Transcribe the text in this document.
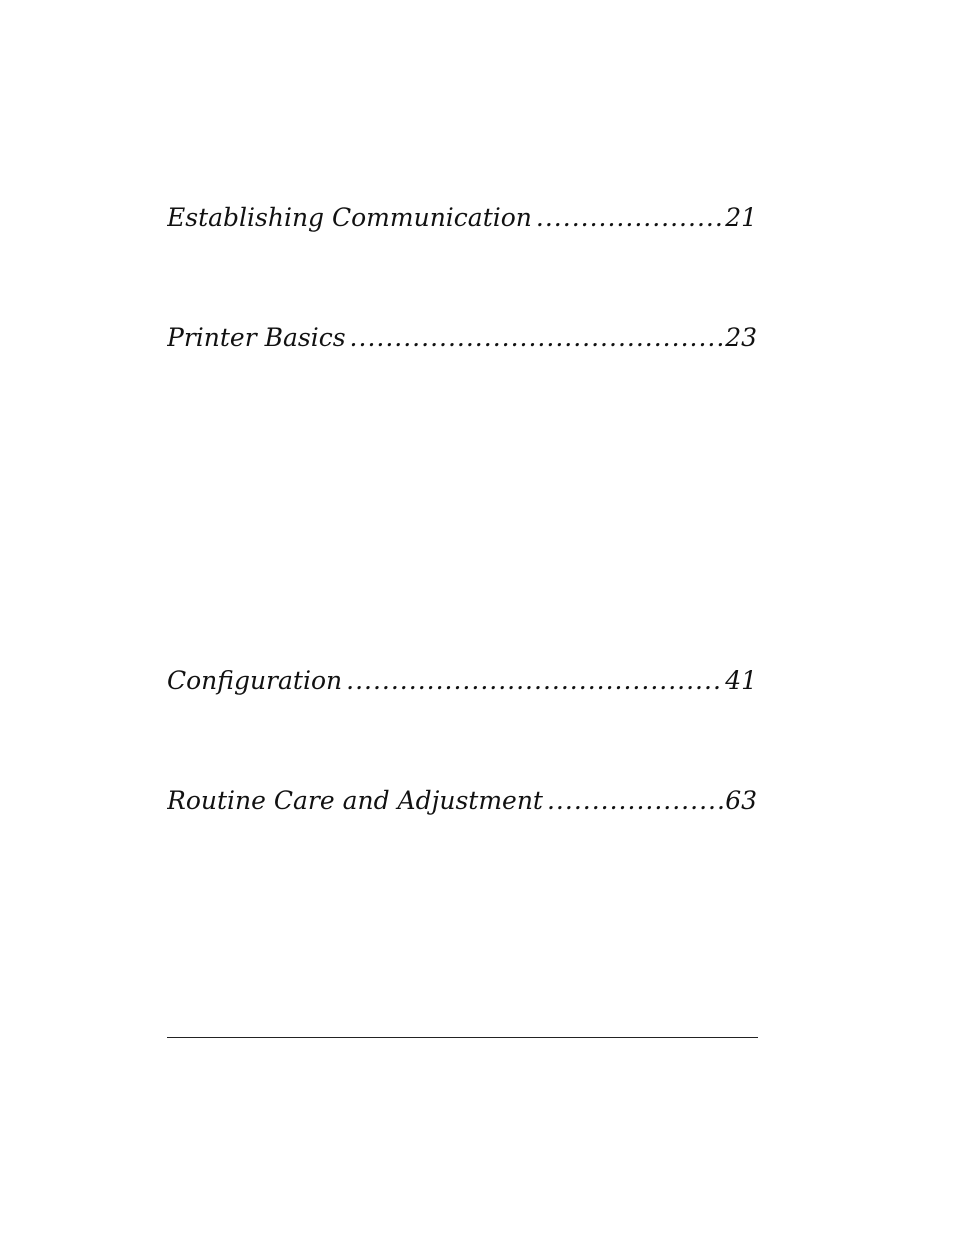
Establishing Communication .....	21
Printer Basics .....	23
Configuration .....	41
Routine Care and Adjustment .....	63
